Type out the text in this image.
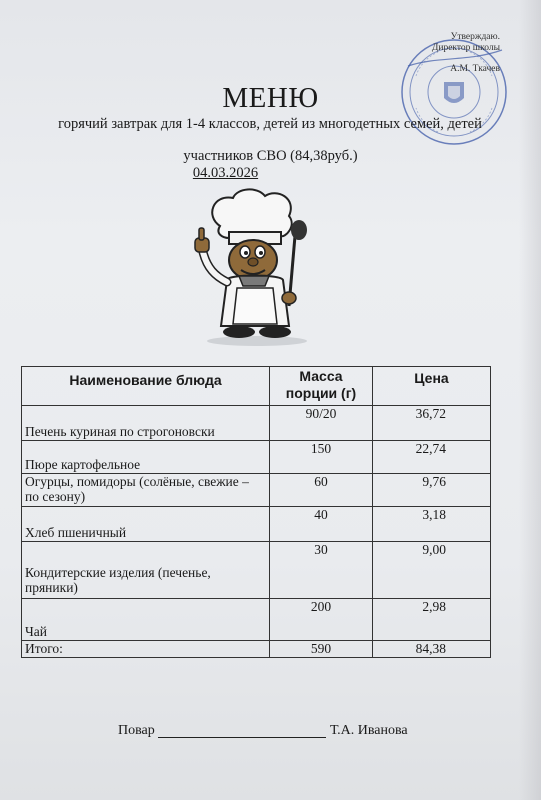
Утверждаю.
Директор школы
А.М. Ткачев
МЕНЮ
горячий завтрак для 1-4 классов, детей из многодетных семей, детей
участников СВО (84,38руб.)
04.03.2026
Наименование блюда	Масса порции (г)	Цена
Печень куриная по строгоновски	90/20	36,72
Пюре картофельное	150	22,74
Огурцы, помидоры (солёные, свежие – по сезону)	60	9,76
Хлеб пшеничный	40	3,18
Кондитерские изделия (печенье, пряники)	30	9,00
Чай	200	2,98
Итого:	590	84,38
Повар	Т.А. Иванова
